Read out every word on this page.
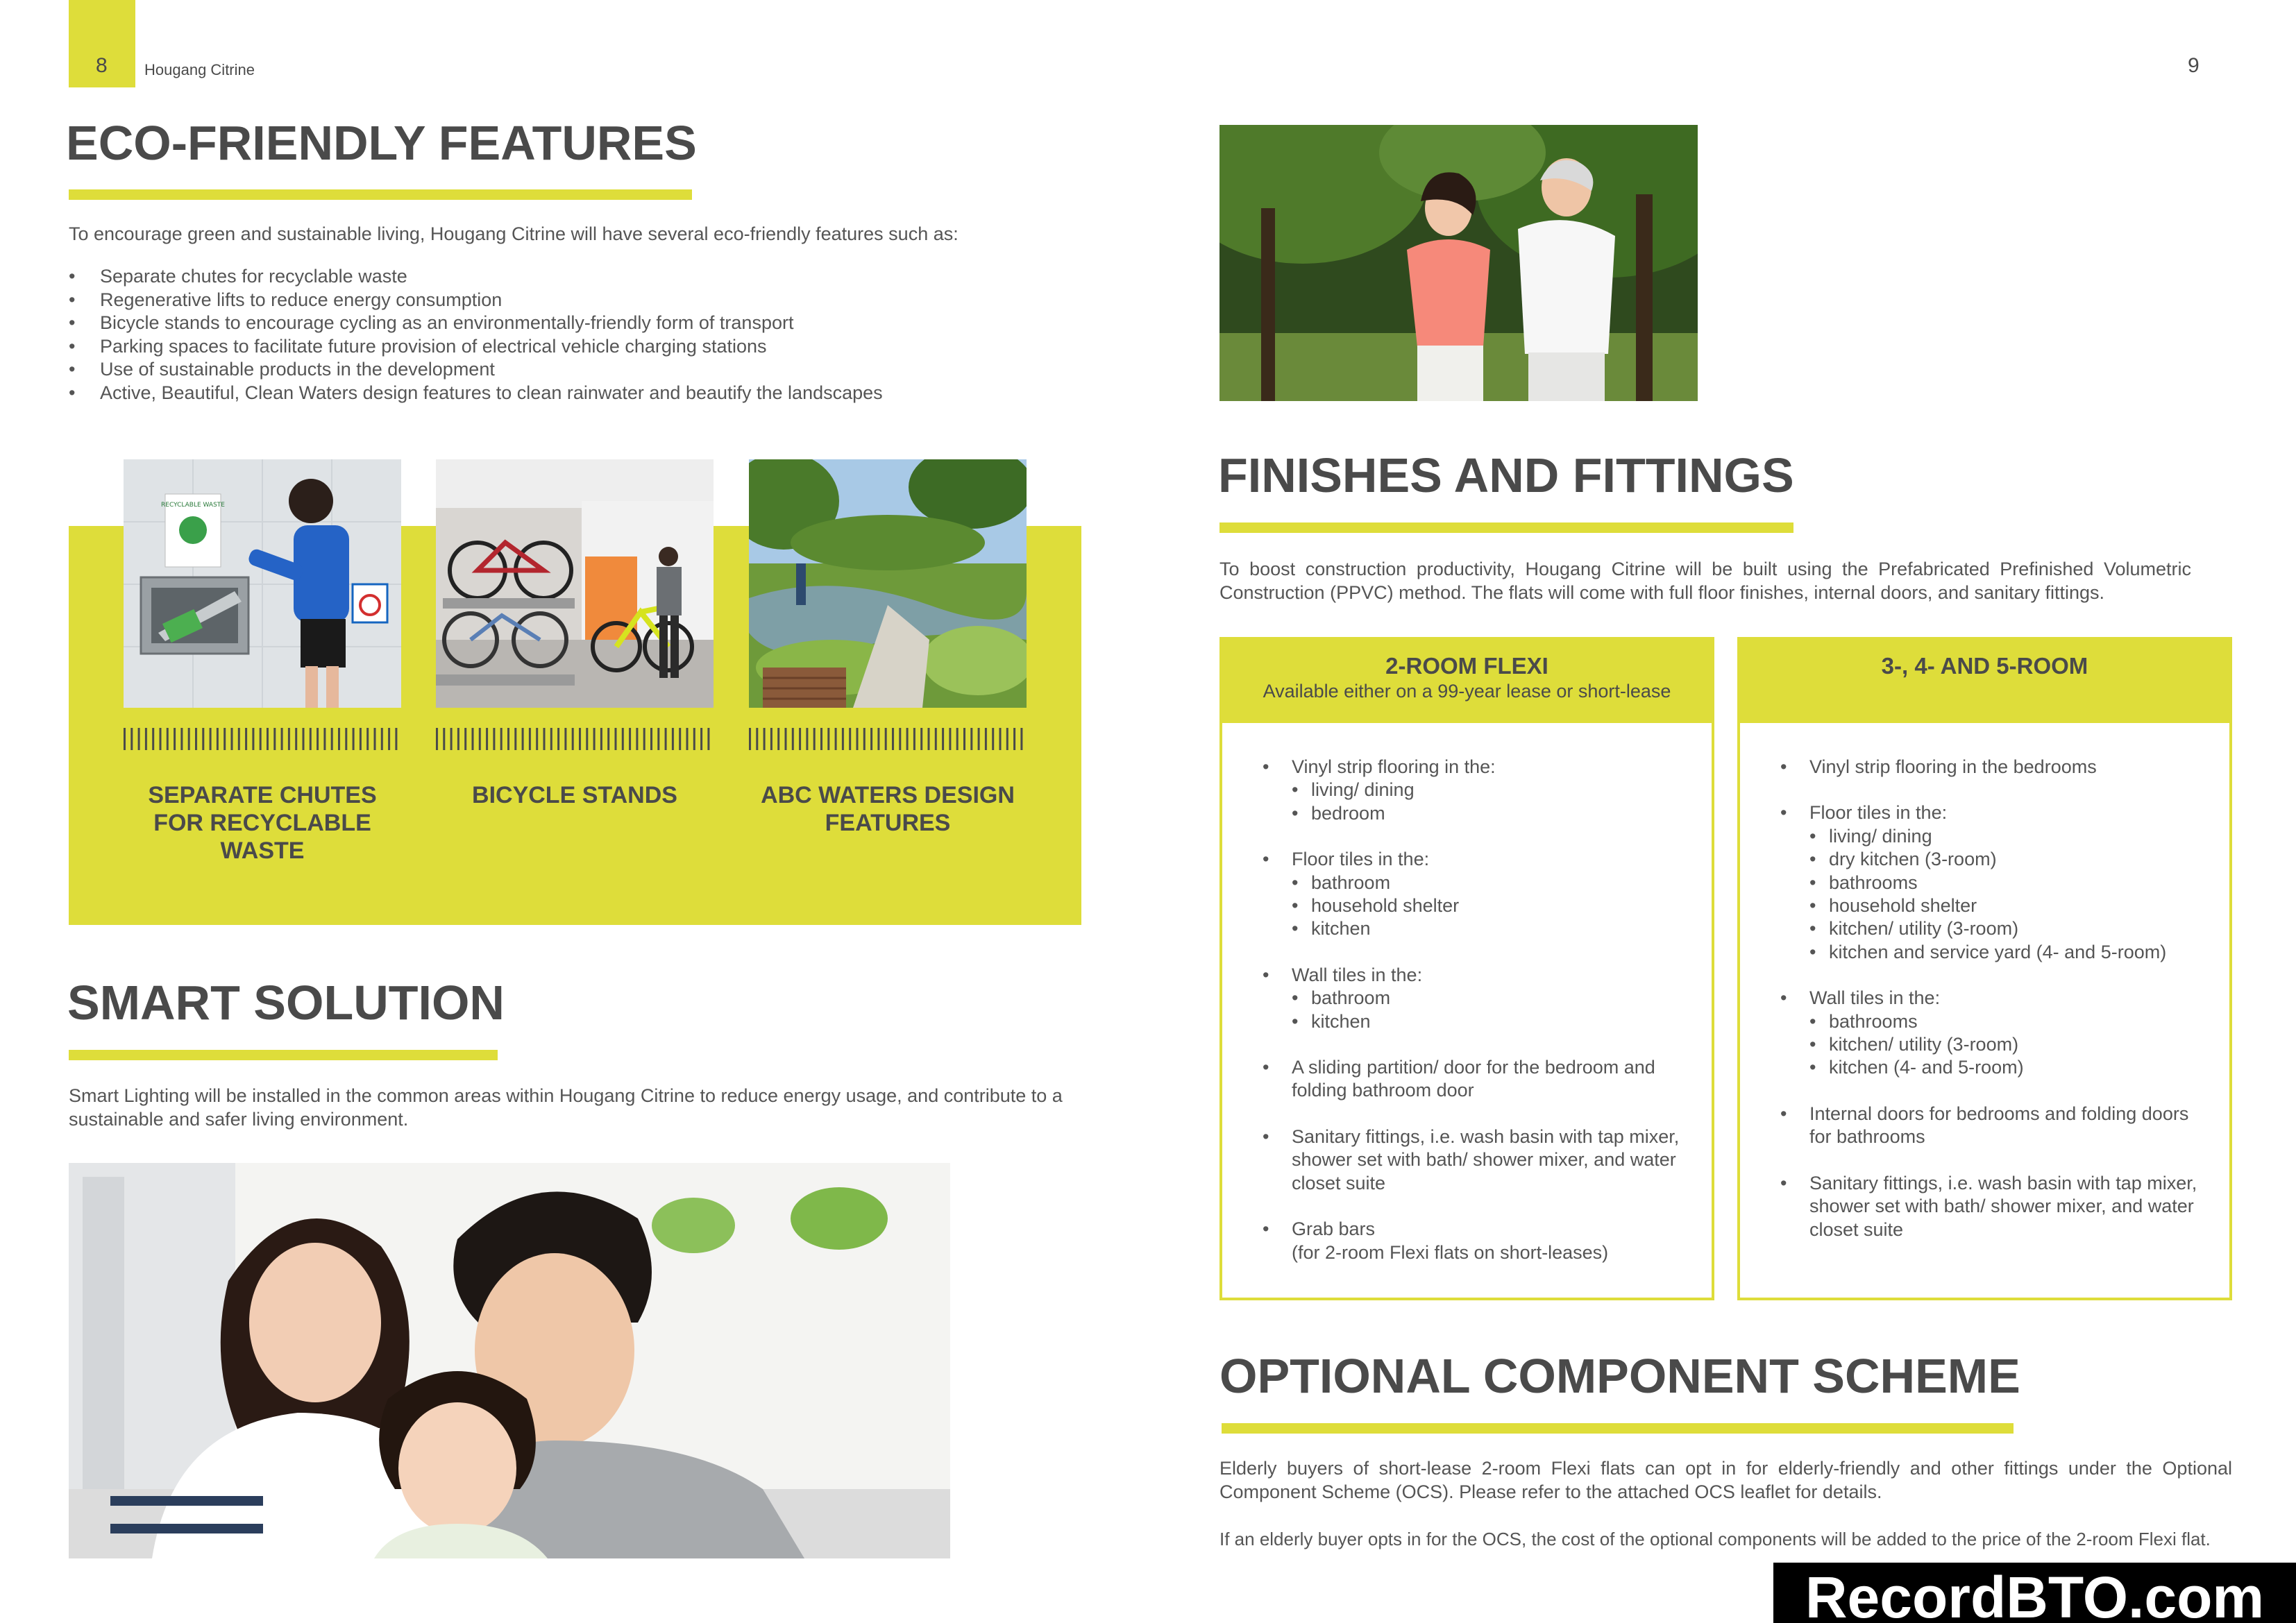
8 Hougang Citrine	9
ECO-FRIENDLY FEATURES
To encourage green and sustainable living, Hougang Citrine will have several eco-friendly features such as:
• Separate chutes for recyclable waste
• Regenerative lifts to reduce energy consumption
• Bicycle stands to encourage cycling as an environmentally-friendly form of transport
• Parking spaces to facilitate future provision of electrical vehicle charging stations
• Use of sustainable products in the development
• Active, Beautiful, Clean Waters design features to clean rainwater and beautify the landscapes
RECYCLABLE WASTE
SEPARATE CHUTES FOR RECYCLABLE WASTE
BICYCLE STANDS	ABC WATERS DESIGN FEATURES
SMART SOLUTION
Smart Lighting will be installed in the common areas within Hougang Citrine to reduce energy usage, and contribute to a sustainable and safer living environment.
FINISHES AND FITTINGS
To boost construction productivity, Hougang Citrine will be built using the Prefabricated Prefinished Volumetric Construction (PPVC) method. The flats will come with full floor finishes, internal doors, and sanitary fittings.
2-ROOM FLEXI
Available either on a 99-year lease or short-lease
• Vinyl strip flooring in the:
• living/ dining
• bedroom
• Floor tiles in the:
• bathroom
• household shelter
• kitchen
• Wall tiles in the:
• bathroom
• kitchen
• A sliding partition/ door for the bedroom and folding bathroom door
• Sanitary fittings, i.e. wash basin with tap mixer, shower set with bath/ shower mixer, and water closet suite
• Grab bars
(for 2-room Flexi flats on short-leases)
3-, 4- AND 5-ROOM
• Vinyl strip flooring in the bedrooms
• Floor tiles in the:
• living/ dining
• dry kitchen (3-room)
• bathrooms
• household shelter
• kitchen/ utility (3-room)
• kitchen and service yard (4- and 5-room)
• Wall tiles in the:
• bathrooms
• kitchen/ utility (3-room)
• kitchen (4- and 5-room)
• Internal doors for bedrooms and folding doors for bathrooms
• Sanitary fittings, i.e. wash basin with tap mixer, shower set with bath/ shower mixer, and water closet suite
OPTIONAL COMPONENT SCHEME
Elderly buyers of short-lease 2-room Flexi flats can opt in for elderly-friendly and other fittings under the Optional Component Scheme (OCS). Please refer to the attached OCS leaflet for details.
If an elderly buyer opts in for the OCS, the cost of the optional components will be added to the price of the 2-room Flexi flat.
RecordBTO.com
